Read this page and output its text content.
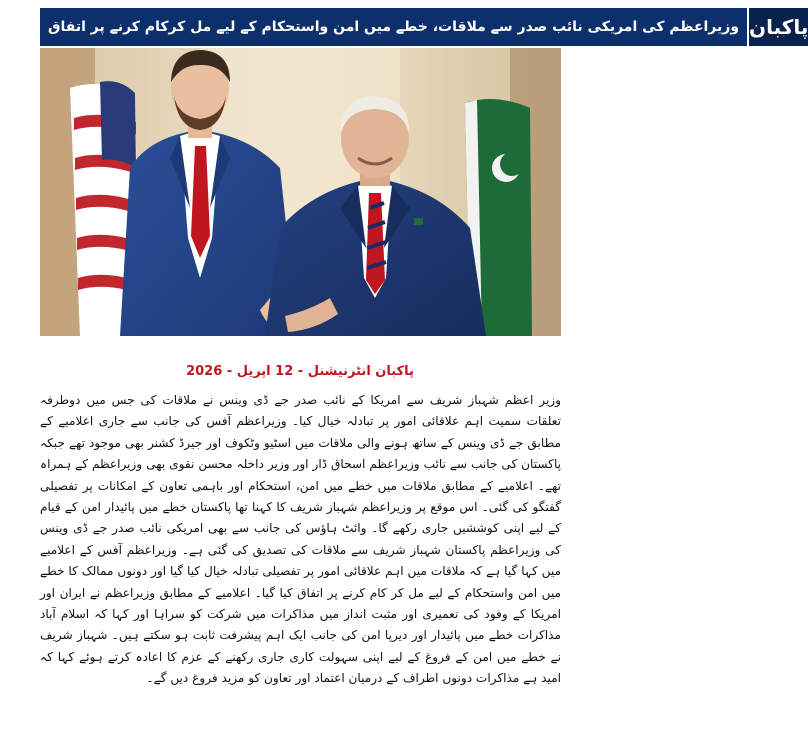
وزیراعظم کی امریکی نائب صدر سے ملاقات، خطے میں امن واستحکام کے لیے مل کرکام کرنے پر اتفاق پاکبان
پاکبان انٹرنیشنل - 12 اپریل - 2026
وزیر اعظم شہباز شریف سے امریکا کے نائب صدر جے ڈی وینس نے ملاقات کی جس میں دوطرفہ تعلقات سمیت اہم علاقائی امور پر تبادلہ خیال کیا۔ وزیراعظم آفس کی جانب سے جاری اعلامیے کے مطابق جے ڈی وینس کے ساتھ ہونے والی ملاقات میں اسٹیو وٹکوف اور جیرڈ کشنر بھی موجود تھے جبکہ پاکستان کی جانب سے نائب وزیراعظم اسحاق ڈار اور وزیر داخلہ محسن نقوی بھی وزیراعظم کے ہمراہ تھے۔ اعلامیے کے مطابق ملاقات میں خطے میں امن، استحکام اور باہمی تعاون کے امکانات پر تفصیلی گفتگو کی گئی۔ اس موقع پر وزیراعظم شہباز شریف کا کہنا تھا پاکستان خطے میں پائیدار امن کے قیام کے لیے اپنی کوششیں جاری رکھے گا۔ وائٹ ہاؤس کی جانب سے بھی امریکی نائب صدر جے ڈی وینس کی وزیراعظم پاکستان شہباز شریف سے ملاقات کی تصدیق کی گئی ہے۔ وزیراعظم آفس کے اعلامیے میں کہا گیا ہے کہ ملاقات میں اہم علاقائی امور پر تفصیلی تبادلہ خیال کیا گیا اور دونوں ممالک کا خطے میں امن واستحکام کے لیے مل کر کام کرنے پر اتفاق کیا گیا۔ اعلامیے کے مطابق وزیراعظم نے ایران اور امریکا کے وفود کی تعمیری اور مثبت انداز میں مذاکرات میں شرکت کو سراہا اور کہا کہ اسلام آباد مذاکرات خطے میں پائیدار اور دیرپا امن کی جانب ایک اہم پیشرفت ثابت ہو سکتے ہیں۔ شہباز شریف نے خطے میں امن کے فروغ کے لیے اپنی سہولت کاری جاری رکھنے کے عزم کا اعادہ کرتے ہوئے کہا کہ امید ہے مذاکرات دونوں اطراف کے درمیان اعتماد اور تعاون کو مزید فروغ دیں گے۔
